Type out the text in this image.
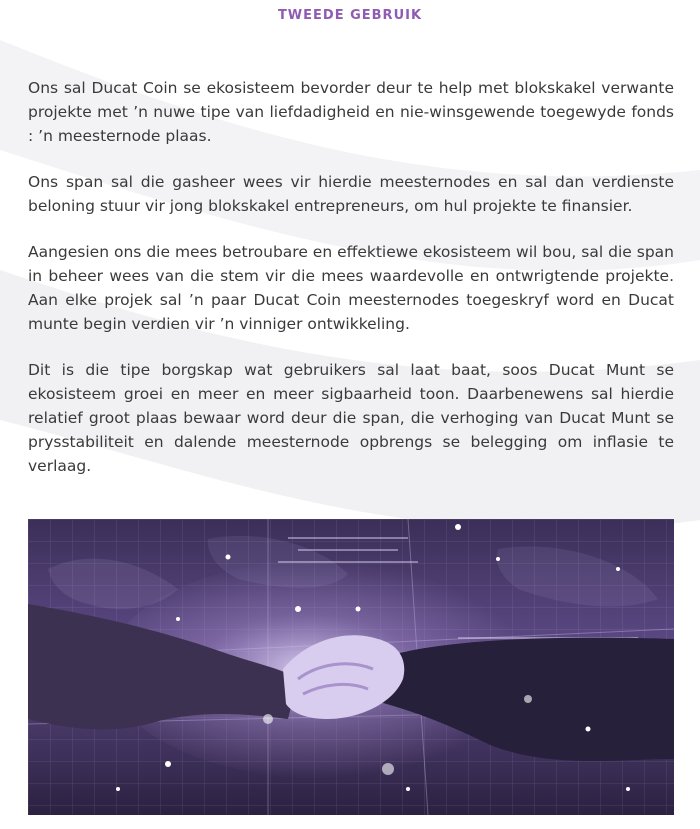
TWEEDE GEBRUIK

Ons sal Ducat Coin se ekosisteem bevorder deur te help met blokskakel verwante projekte met ’n nuwe tipe van liefdadigheid en nie-winsgewende toegewyde fonds : ’n meesternode plaas.

Ons span sal die gasheer wees vir hierdie meesternodes en sal dan verdienste beloning stuur vir jong blokskakel entrepreneurs, om hul projekte te finansier.

Aangesien ons die mees betroubare en effektiewe ekosisteem wil bou, sal die span in beheer wees van die stem vir die mees waardevolle en ontwrigtende projekte. Aan elke projek sal ’n paar Ducat Coin meesternodes toegeskryf word en Ducat munte begin verdien vir ’n vinniger ontwikkeling.

Dit is die tipe borgskap wat gebruikers sal laat baat, soos Ducat Munt se ekosisteem groei en meer en meer sigbaarheid toon. Daarbenewens sal hierdie relatief groot plaas bewaar word deur die span, die verhoging van Ducat Munt se prysstabiliteit en dalende meesternode opbrengs se belegging om inflasie te verlaag.
